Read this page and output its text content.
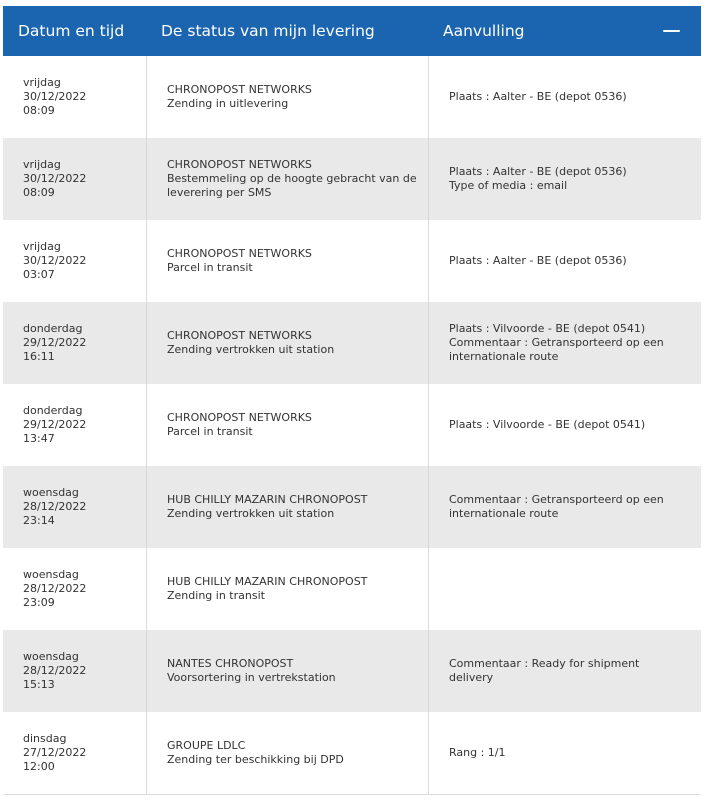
Datum en tijd	De status van mijn levering	Aanvulling
vrijdag
30/12/2022
08:09
CHRONOPOST NETWORKS
Zending in uitlevering
Plaats : Aalter - BE (depot 0536)
vrijdag
30/12/2022
08:09
CHRONOPOST NETWORKS
Bestemmeling op de hoogte gebracht van de leverering per SMS
Plaats : Aalter - BE (depot 0536)
Type of media : email
vrijdag
30/12/2022
03:07
CHRONOPOST NETWORKS
Parcel in transit
Plaats : Aalter - BE (depot 0536)
donderdag
29/12/2022
16:11
CHRONOPOST NETWORKS
Zending vertrokken uit station
Plaats : Vilvoorde - BE (depot 0541)
Commentaar : Getransporteerd op een internationale route
donderdag
29/12/2022
13:47
CHRONOPOST NETWORKS
Parcel in transit
Plaats : Vilvoorde - BE (depot 0541)
woensdag
28/12/2022
23:14
HUB CHILLY MAZARIN CHRONOPOST
Zending vertrokken uit station
Commentaar : Getransporteerd op een internationale route
woensdag
28/12/2022
23:09
HUB CHILLY MAZARIN CHRONOPOST
Zending in transit
woensdag
28/12/2022
15:13
NANTES CHRONOPOST
Voorsortering in vertrekstation
Commentaar : Ready for shipment delivery
dinsdag
27/12/2022
12:00
GROUPE LDLC
Zending ter beschikking bij DPD
Rang : 1/1
